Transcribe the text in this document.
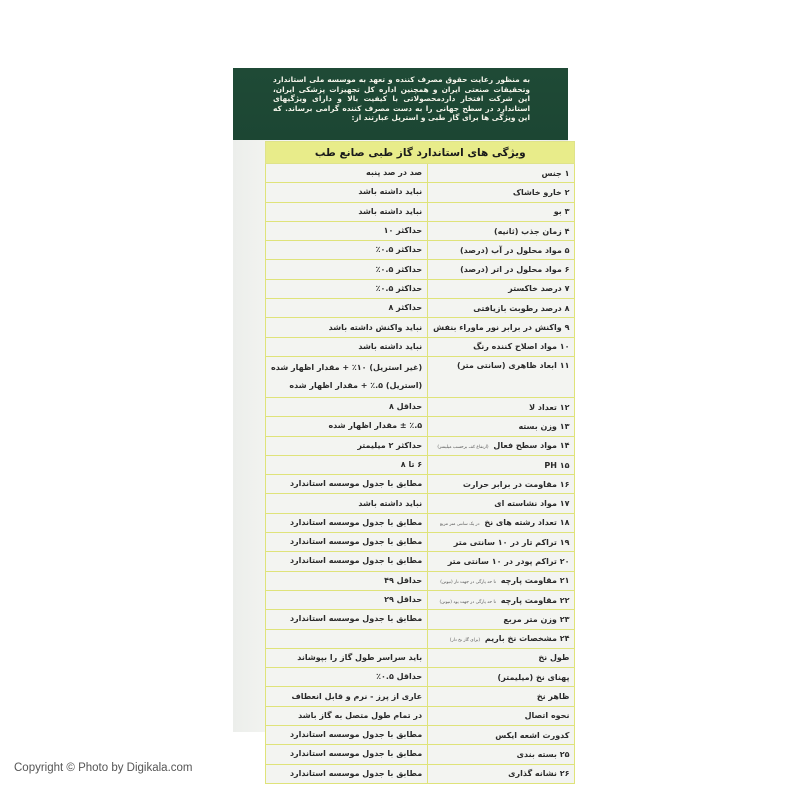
به منظور رعایت حقوق مصرف کننده و تعهد به موسسه ملی استاندارد وتحقیقات صنعتی ایران و همچنین اداره کل تجهیزات پزشکی ایران، این شرکت افتخار داردمحصولاتی با کیفیت بالا و دارای ویژگیهای استاندارد در سطح جهانی را به دست مصرف کننده گرامی برساند. که این ویژگی ها برای گاز طبی و استریل عبارتند از:
ویژگی های استاندارد گاز طبی صانع طب	
۱ جنس	صد در صد پنبه

۲ خارو خاشاک	نباید داشته باشد

۳ بو	نباید داشته باشد

۴ زمان جذب (ثانیه)	حداکثر ۱۰

۵ مواد محلول در آب (درصد)	حداکثر ۰.۵٪

۶ مواد محلول در اتر (درصد)	حداکثر ۰.۵٪

۷ درصد خاکستر	حداکثر ۰.۵٪

۸ درصد رطوبت بازیافتی	حداکثر ۸

۹ واکنش در برابر نور ماوراء بنفش	نباید واکنش داشته باشد

۱۰ مواد اصلاح کننده رنگ	نباید داشته باشد

۱۱ ابعاد ظاهری (سانتی متر)	(غیر استریل) ۱۰٪ + مقدار اظهار شده
(استریل) ۵.٪ + مقدار اظهار شده

۱۲ تعداد لا	حداقل ۸

۱۳ وزن بسته	۵.٪ ± مقدار اظهار شده

۱۴ مواد سطح فعال (ارتفاع کف برحسب میلیمتر)	حداکثر ۲ میلیمتر

PH ۱۵	۶ تا ۸

۱۶ مقاومت در برابر حرارت	مطابق با جدول موسسه استاندارد

۱۷ مواد نشاسته ای	نباید داشته باشد

۱۸ تعداد رشته های نخ در یک سانتی متر مربع	مطابق با جدول موسسه استاندارد

۱۹ تراکم تار در ۱۰ سانتی متر	مطابق با جدول موسسه استاندارد

۲۰ تراکم پودر در ۱۰ سانتی متر	مطابق با جدول موسسه استاندارد

۲۱ مقاومت پارچه تا حد پارگی در جهت تار (نیوتن)	حداقل ۴۹

۲۲ مقاومت پارچه تا حد پارگی در جهت پود (نیوتن)	حداقل ۲۹

۲۳ وزن متر مربع	مطابق با جدول موسسه استاندارد

۲۴ مشخصات نخ باریم (برای گاز نخ دار)	

طول نخ	باید سراسر طول گاز را بپوشاند

پهنای نخ (میلیمتر)	حداقل ۰.۵٪

ظاهر نخ	عاری از پرز - نرم و قابل انعطاف

نحوه اتصال	در تمام طول متصل به گاز باشد

کدورت اشعه ایکس	مطابق با جدول موسسه استاندارد

۲۵ بسته بندی	مطابق با جدول موسسه استاندارد

۲۶ نشانه گذاری	مطابق با جدول موسسه استاندارد
Copyright © Photo by Digikala.com
